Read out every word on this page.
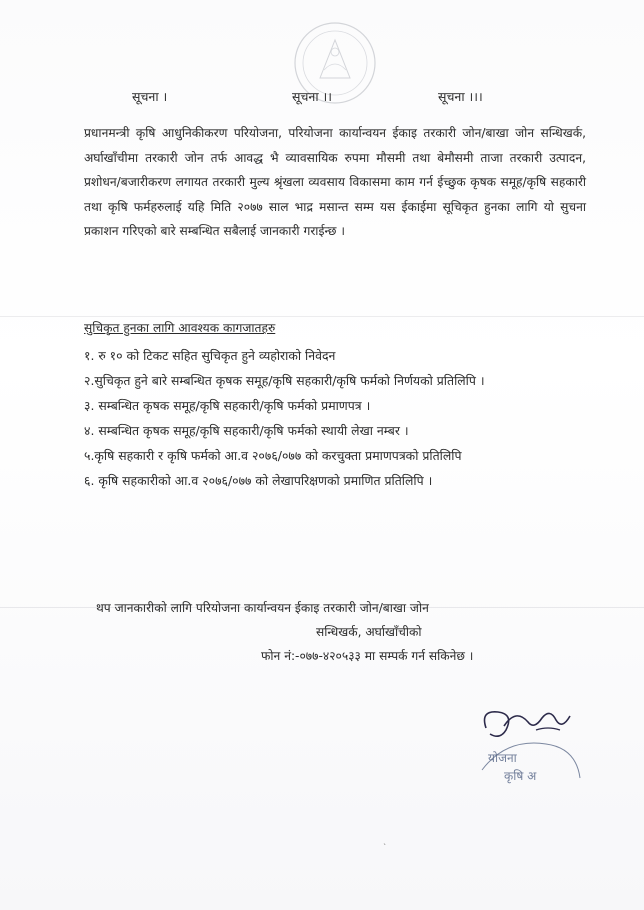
सूचना ।	सूचना ।।	सूचना ।।।

प्रधानमन्त्री कृषि आधुनिकीकरण परियोजना, परियोजना कार्यान्वयन ईकाइ तरकारी जोन/बाखा जोन सन्धिखर्क, अर्घाखाँचीमा तरकारी जोन तर्फ आवद्ध भै व्यावसायिक रुपमा मौसमी तथा बेमौसमी ताजा तरकारी उत्पादन, प्रशोधन/बजारीकरण लगायत तरकारी मुल्य श्रृंखला व्यवसाय विकासमा काम गर्न ईच्छुक कृषक समूह/कृषि सहकारी तथा कृषि फर्महरुलाई यहि मिति २०७७ साल भाद्र मसान्त सम्म यस ईकाईमा सूचिकृत हुनका लागि यो सुचना प्रकाशन गरिएको बारे सम्बन्धित सबैलाई जानकारी गराईन्छ ।

सुचिकृत हुनका लागि आवश्यक कागजातहरु

१. रु १० को टिकट सहित सुचिकृत हुने व्यहोराको निवेदन
२.सुचिकृत हुने बारे सम्बन्धित कृषक समूह/कृषि सहकारी/कृषि फर्मको निर्णयको प्रतिलिपि ।
३. सम्बन्धित कृषक समूह/कृषि सहकारी/कृषि फर्मको प्रमाणपत्र ।
४. सम्बन्धित कृषक समूह/कृषि सहकारी/कृषि फर्मको स्थायी लेखा नम्बर ।
५.कृषि सहकारी र कृषि फर्मको आ.व २०७६/०७७ को करचुक्ता प्रमाणपत्रको प्रतिलिपि
६. कृषि सहकारीको आ.व २०७६/०७७ को लेखापरिक्षणको प्रमाणित प्रतिलिपि ।

थप जानकारीको लागि परियोजना कार्यान्वयन ईकाइ तरकारी जोन/बाखा जोन
सन्धिखर्क, अर्घाखाँचीको
फोन नं:-०७७-४२०५३३ मा सम्पर्क गर्न सकिनेछ ।

योजना
कृषि अ
`
